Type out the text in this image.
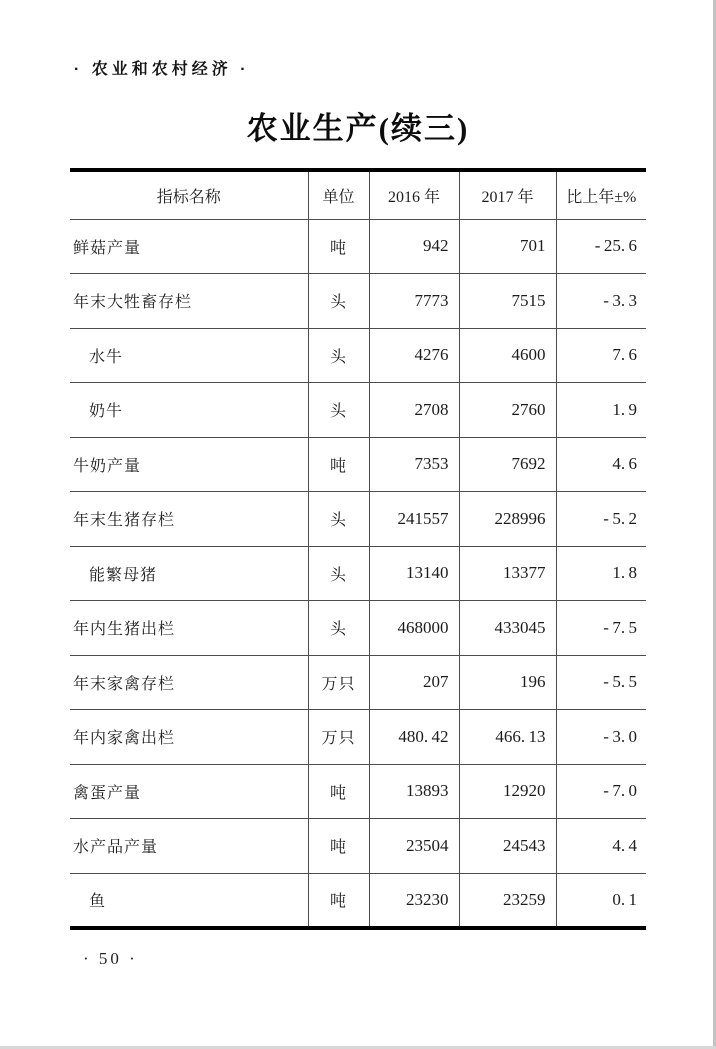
· 农业和农村经济 ·
农业生产(续三)
指标名称	单位	2016 年	2017 年	比上年±%
鲜菇产量	吨	942	701	- 25. 6
年末大牲畜存栏	头	7773	7515	- 3. 3
水牛	头	4276	4600	7. 6
奶牛	头	2708	2760	1. 9
牛奶产量	吨	7353	7692	4. 6
年末生猪存栏	头	241557	228996	- 5. 2
能繁母猪	头	13140	13377	1. 8
年内生猪出栏	头	468000	433045	- 7. 5
年末家禽存栏	万只	207	196	- 5. 5
年内家禽出栏	万只	480. 42	466. 13	- 3. 0
禽蛋产量	吨	13893	12920	- 7. 0
水产品产量	吨	23504	24543	4. 4
鱼	吨	23230	23259	0. 1
· 50 ·
